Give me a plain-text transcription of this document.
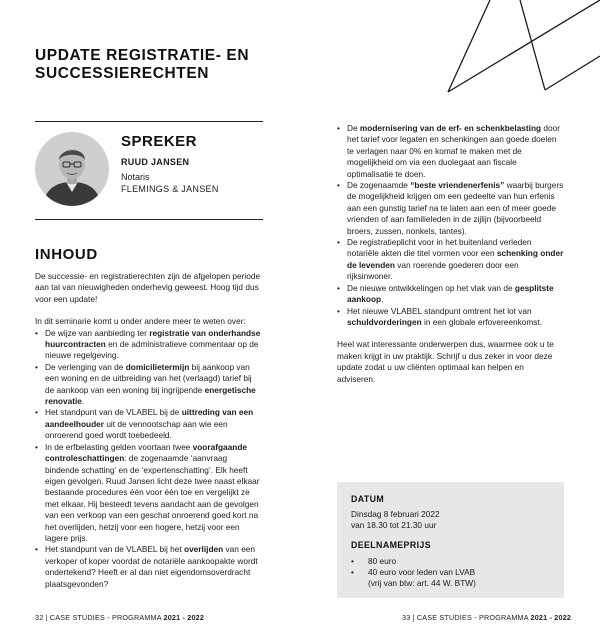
UPDATE REGISTRATIE- EN
SUCCESSIERECHTEN
SPREKER
RUUD JANSEN
Notaris
FLEMINGS & JANSEN
INHOUD

De successie- en registratierechten zijn de afgelopen periode aan tal van nieuwigheden onderhevig geweest. Hoog tijd dus voor een update!

In dit seminarie komt u onder andere meer te weten over:

• De wijze van aanbieding ter registratie van onderhandse huurcontracten en de administratieve commentaar op de nieuwe regelgeving.
• De verlenging van de domicilietermijn bij aankoop van een woning en de uitbreiding van het (verlaagd) tarief bij de aankoop van een woning bij ingrijpende energetische renovatie.
• Het standpunt van de VLABEL bij de uittreding van een aandeelhouder uit de vennootschap aan wie een onroerend goed wordt toebedeeld.
• In de erfbelasting gelden voortaan twee voorafgaande controleschattingen: de zogenaamde ‘aanvraag bindende schatting’ en de ‘expertenschatting’. Elk heeft eigen gevolgen. Ruud Jansen licht deze twee naast elkaar bestaande procedures één voor één toe en vergelijkt ze met elkaar. Hij besteedt tevens aandacht aan de gevolgen van een verkoop van een geschat onroerend goed kort na het overlijden, hetzij voor een hogere, hetzij voor een lagere prijs.
• Het standpunt van de VLABEL bij het overlijden van een verkoper of koper voordat de notariële aankoopakte wordt ondertekend? Heeft er al dan niet eigendomsoverdracht plaatsgevonden?
• De modernisering van de erf- en schenkbelasting door het tarief voor legaten en schenkingen aan goede doelen te verlagen naar 0% en komaf te maken met de mogelijkheid om via een duolegaat aan fiscale optimalisatie te doen.
• De zogenaamde “beste vriendenerfenis” waarbij burgers de mogelijkheid krijgen om een gedeelte van hun erfenis aan een gunstig tarief na te laten aan een of meer goede vrienden of aan familieleden in de zijlijn (bijvoorbeeld broers, zussen, nonkels, tantes).
• De registratieplicht voor in het buitenland verleden notariële akten die titel vormen voor een schenking onder de levenden van roerende goederen door een rijksinwoner.
• De nieuwe ontwikkelingen op het vlak van de gesplitste aankoop.
• Het nieuwe VLABEL standpunt omtrent het lot van schuldvorderingen in een globale erfovereenkomst.

Heel wat interessante onderwerpen dus, waarmee ook u te maken krijgt in uw praktijk. Schrijf u dus zeker in voor deze update zodat u uw cliënten optimaal kan helpen en adviseren.

DATUM
Dinsdag 8 februari 2022
van 18.30 tot 21.30 uur
DEELNAMEPRIJS
• 80 euro
• 40 euro voor leden van LVAB
(vrij van btw: art. 44 W. BTW)
32 | CASE STUDIES - PROGRAMMA 2021 - 2022	33 | CASE STUDIES - PROGRAMMA 2021 - 2022
